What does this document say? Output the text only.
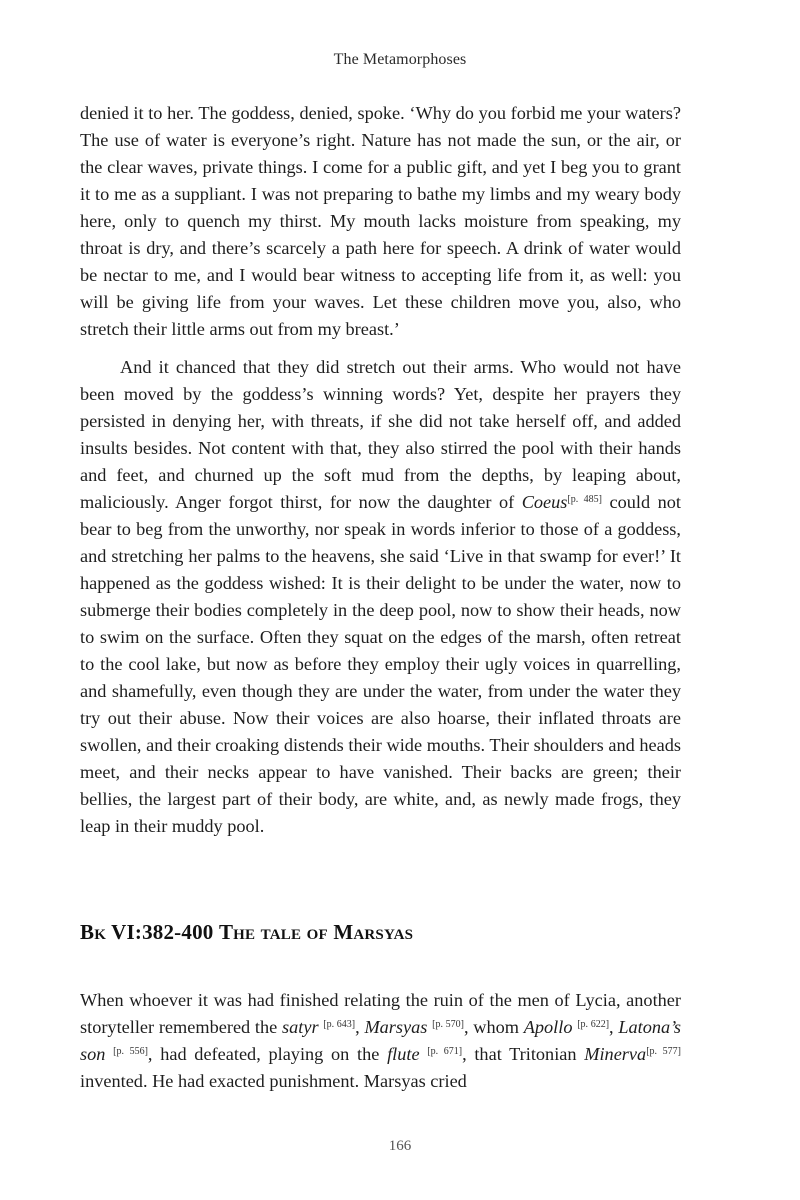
The Metamorphoses

denied it to her. The goddess, denied, spoke. ‘Why do you forbid me your waters? The use of water is everyone’s right. Nature has not made the sun, or the air, or the clear waves, private things. I come for a public gift, and yet I beg you to grant it to me as a suppliant. I was not preparing to bathe my limbs and my weary body here, only to quench my thirst. My mouth lacks moisture from speaking, my throat is dry, and there’s scarcely a path here for speech. A drink of water would be nectar to me, and I would bear witness to accepting life from it, as well: you will be giving life from your waves. Let these children move you, also, who stretch their little arms out from my breast.’

And it chanced that they did stretch out their arms. Who would not have been moved by the goddess’s winning words? Yet, despite her prayers they persisted in denying her, with threats, if she did not take herself off, and added insults besides. Not content with that, they also stirred the pool with their hands and feet, and churned up the soft mud from the depths, by leaping about, maliciously. Anger forgot thirst, for now the daughter of Coeus[p. 485] could not bear to beg from the unworthy, nor speak in words inferior to those of a goddess, and stretching her palms to the heavens, she said ‘Live in that swamp for ever!’ It happened as the goddess wished: It is their delight to be under the water, now to submerge their bodies completely in the deep pool, now to show their heads, now to swim on the surface. Often they squat on the edges of the marsh, often retreat to the cool lake, but now as before they employ their ugly voices in quarrelling, and shamefully, even though they are under the water, from under the water they try out their abuse. Now their voices are also hoarse, their inflated throats are swollen, and their croaking distends their wide mouths. Their shoulders and heads meet, and their necks appear to have vanished. Their backs are green; their bellies, the largest part of their body, are white, and, as newly made frogs, they leap in their muddy pool.

Bk VI:382-400 The tale of Marsyas

When whoever it was had finished relating the ruin of the men of Lycia, another storyteller remembered the satyr [p. 643], Marsyas [p. 570], whom Apollo [p. 622], Latona’s son [p. 556], had defeated, playing on the flute [p. 671], that Tritonian Minerva[p. 577] invented. He had exacted punishment. Marsyas cried

166
